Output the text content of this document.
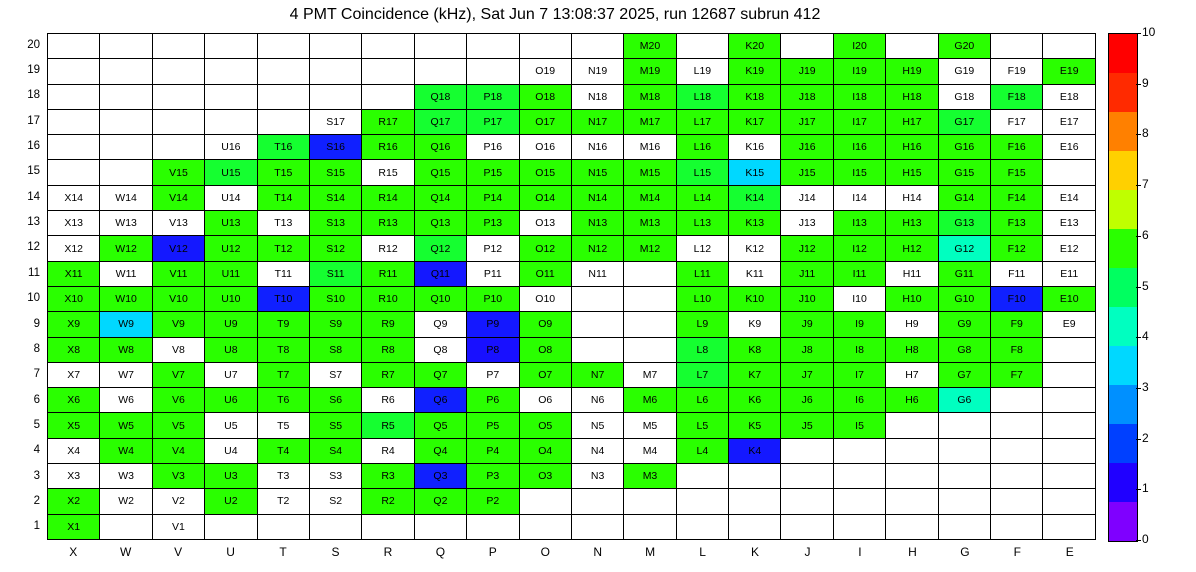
4 PMT Coincidence (kHz), Sat Jun 7 13:08:37 2025, run 12687 subrun 412
20
19
18
17
16
15
14
13
12
11
10
9
8
7
6
5
4
3
2
1
											M20		K20		I20		G20		
									O19	N19	M19	L19	K19	J19	I19	H19	G19	F19	E19
							Q18	P18	O18	N18	M18	L18	K18	J18	I18	H18	G18	F18	E18
					S17	R17	Q17	P17	O17	N17	M17	L17	K17	J17	I17	H17	G17	F17	E17
			U16	T16	S16	R16	Q16	P16	O16	N16	M16	L16	K16	J16	I16	H16	G16	F16	E16
		V15	U15	T15	S15	R15	Q15	P15	O15	N15	M15	L15	K15	J15	I15	H15	G15	F15	
X14	W14	V14	U14	T14	S14	R14	Q14	P14	O14	N14	M14	L14	K14	J14	I14	H14	G14	F14	E14
X13	W13	V13	U13	T13	S13	R13	Q13	P13	O13	N13	M13	L13	K13	J13	I13	H13	G13	F13	E13
X12	W12	V12	U12	T12	S12	R12	Q12	P12	O12	N12	M12	L12	K12	J12	I12	H12	G12	F12	E12
X11	W11	V11	U11	T11	S11	R11	Q11	P11	O11	N11		L11	K11	J11	I11	H11	G11	F11	E11
X10	W10	V10	U10	T10	S10	R10	Q10	P10	O10			L10	K10	J10	I10	H10	G10	F10	E10
X9	W9	V9	U9	T9	S9	R9	Q9	P9	O9			L9	K9	J9	I9	H9	G9	F9	E9
X8	W8	V8	U8	T8	S8	R8	Q8	P8	O8			L8	K8	J8	I8	H8	G8	F8	
X7	W7	V7	U7	T7	S7	R7	Q7	P7	O7	N7	M7	L7	K7	J7	I7	H7	G7	F7	
X6	W6	V6	U6	T6	S6	R6	Q6	P6	O6	N6	M6	L6	K6	J6	I6	H6	G6		
X5	W5	V5	U5	T5	S5	R5	Q5	P5	O5	N5	M5	L5	K5	J5	I5				
X4	W4	V4	U4	T4	S4	R4	Q4	P4	O4	N4	M4	L4	K4						
X3	W3	V3	U3	T3	S3	R3	Q3	P3	O3	N3	M3								
X2	W2	V2	U2	T2	S2	R2	Q2	P2											
X1		V1																	
X	W	V	U	T	S	R	Q	P	O	N	M	L	K	J	I	H	G	F	E
0
1
2
3
4
5
6
7
8
9
10
